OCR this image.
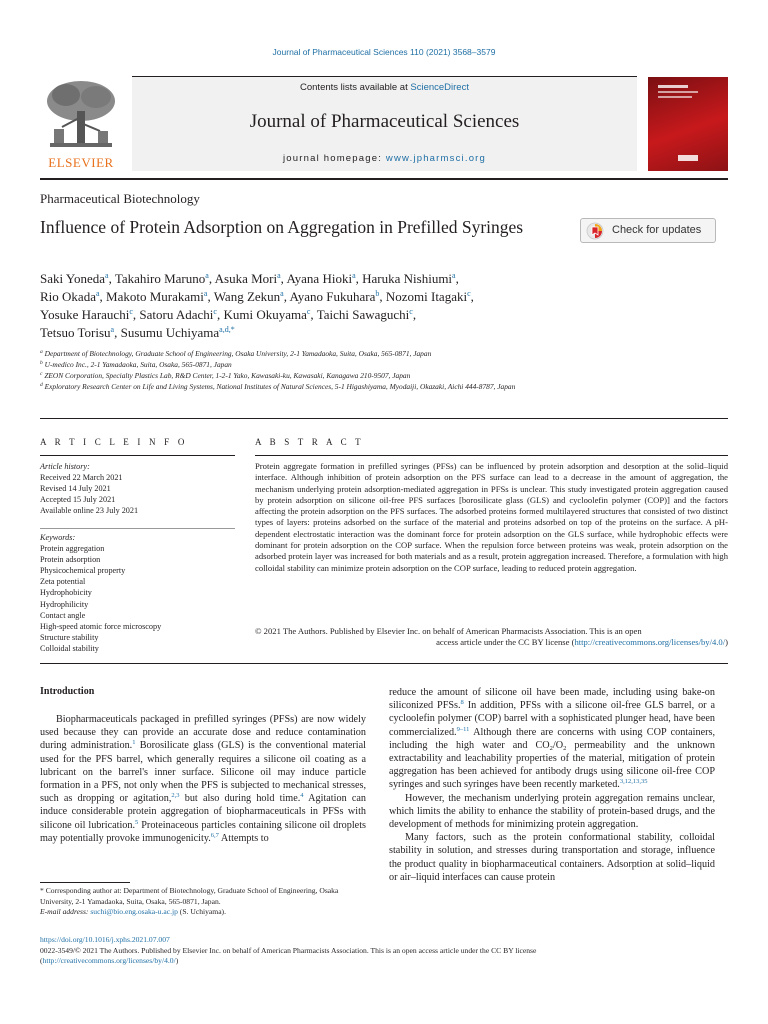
Journal of Pharmaceutical Sciences 110 (2021) 3568–3579
ELSEVIER
Contents lists available at ScienceDirect
Journal of Pharmaceutical Sciences
journal homepage: www.jpharmsci.org
Pharmaceutical Biotechnology
Influence of Protein Adsorption on Aggregation in Prefilled Syringes	Check for updates
Saki Yoneda$^a$, Takahiro Maruno$^a$, Asuka Mori$^a$, Ayana Hioki$^a$, Haruka Nishiumi$^a$,
Rio Okada$^a$, Makoto Murakami$^a$, Wang Zekun$^a$, Ayano Fukuhara$^b$, Nozomi Itagaki$^c$,
Yosuke Harauchi$^c$, Satoru Adachi$^c$, Kumi Okuyama$^c$, Taichi Sawaguchi$^c$,
Tetsuo Torisu$^a$, Susumu Uchiyama$^{a,d,*}$
$^a$ Department of Biotechnology, Graduate School of Engineering, Osaka University, 2-1 Yamadaoka, Suita, Osaka, 565-0871, Japan
$^b$ U-medico Inc., 2-1 Yamadaoka, Suita, Osaka, 565-0871, Japan
$^c$ ZEON Corporation, Specialty Plastics Lab, R&D Center, 1-2-1 Yako, Kawasaki-ku, Kawasaki, Kanagawa 210-9507, Japan
$^d$ Exploratory Research Center on Life and Living Systems, National Institutes of Natural Sciences, 5-1 Higashiyama, Myodaiji, Okazaki, Aichi 444-8787, Japan
A R T I C L E I N F O	A B S T R A C T
Article history:
Received 22 March 2021
Revised 14 July 2021
Accepted 15 July 2021
Available online 23 July 2021
Keywords:
Protein aggregation
Protein adsorption
Physicochemical property
Zeta potential
Hydrophobicity
Hydrophilicity
Contact angle
High-speed atomic force microscopy
Structure stability
Colloidal stability
Protein aggregate formation in prefilled syringes (PFSs) can be influenced by protein adsorption and desorption at the solid–liquid interface. Although inhibition of protein adsorption on the PFS surface can lead to a decrease in the amount of aggregation, the mechanism underlying protein adsorption-mediated aggregation in PFSs is unclear. This study investigated protein aggregation caused by protein adsorption on silicone oil-free PFS surfaces [borosilicate glass (GLS) and cycloolefin polymer (COP)] and the factors affecting the protein adsorption on the PFS surfaces. The adsorbed proteins formed multilayered structures that consisted of two distinct types of layers: proteins adsorbed on the surface of the material and proteins adsorbed on top of the proteins on the surface. A pH-dependent electrostatic interaction was the dominant force for protein adsorption on the GLS surface, while hydrophobic effects were dominant for protein adsorption on the COP surface. When the repulsion force between proteins was weak, protein adsorption on the adsorbed protein layer was increased for both materials and as a result, protein aggregation increased. Therefore, a formulation with high colloidal stability can minimize protein adsorption on the COP surface, leading to reduced protein aggregation.
© 2021 The Authors. Published by Elsevier Inc. on behalf of American Pharmacists Association. This is an open
access article under the CC BY license (http://creativecommons.org/licenses/by/4.0/)
Introduction

Biopharmaceuticals packaged in prefilled syringes (PFSs) are now widely used because they can provide an accurate dose and reduce contamination during administration.$^1$ Borosilicate glass (GLS) is the conventional material used for the PFS barrel, which generally requires a silicone oil coating as a lubricant on the barrel's inner surface. Silicone oil may induce particle formation in a PFS, not only when the PFS is subjected to mechanical stresses, such as dropping or agitation,$^{2,3}$ but also during hold time.$^4$ Agitation can induce considerable protein aggregation of biopharmaceuticals in PFSs with silicone oil lubrication.$^5$ Proteinaceous particles containing silicone oil droplets may potentially provoke immunogenicity.$^{6,7}$ Attempts to

reduce the amount of silicone oil have been made, including using bake-on siliconized PFSs.$^8$ In addition, PFSs with a silicone oil-free GLS barrel, or a cycloolefin polymer (COP) barrel with a sophisticated plunger head, have been commercialized.$^{9-11}$ Although there are concerns with using COP containers, including the high water and $CO_2/O_2$ permeability and the unknown extractability and leachability properties of the material, mitigation of protein aggregation has been achieved for antibody drugs using silicone oil-free COP syringes and such syringes have been recently marketed.$^{3,12,13,35}$

However, the mechanism underlying protein aggregation remains unclear, which limits the ability to enhance the stability of protein-based drugs, and the development of methods for minimizing protein aggregation.

Many factors, such as the protein conformational stability, colloidal stability in solution, and stresses during transportation and storage, influence the product quality in biopharmaceutical containers. Adsorption at solid–liquid or air–liquid interfaces can cause protein

* Corresponding author at: Department of Biotechnology, Graduate School of Engineering, Osaka University, 2-1 Yamadaoka, Suita, Osaka, 565-0871, Japan.
E-mail address: suchi@bio.eng.osaka-u.ac.jp (S. Uchiyama).
https://doi.org/10.1016/j.xphs.2021.07.007
0022-3549/© 2021 The Authors. Published by Elsevier Inc. on behalf of American Pharmacists Association. This is an open access article under the CC BY license
(http://creativecommons.org/licenses/by/4.0/)
